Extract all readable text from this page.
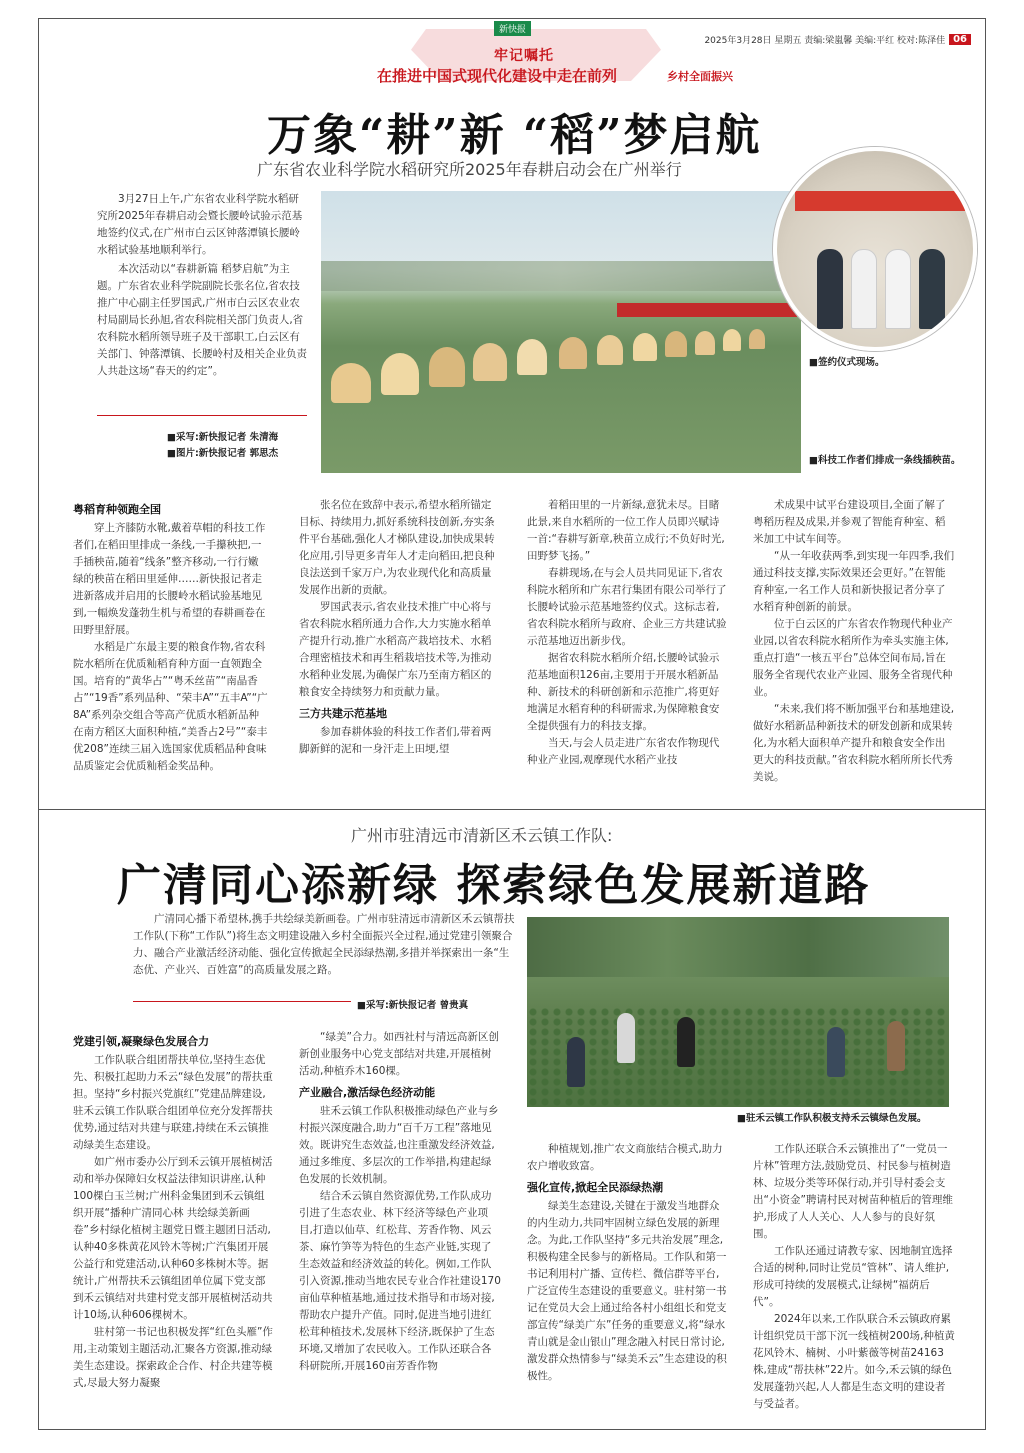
新快报
牢记嘱托
在推进中国式现代化建设中走在前列	乡村全面振兴
2025年3月28日 星期五 责编:梁嵐馨 美编:平红 校对:陈泽佳 06
万象“耕”新 “稻”梦启航
广东省农业科学院水稻研究所2025年春耕启动会在广州举行

3月27日上午,广东省农业科学院水稻研究所2025年春耕启动会暨长腰岭试验示范基地签约仪式,在广州市白云区钟落潭镇长腰岭水稻试验基地顺利举行。

本次活动以“春耕新篇 稻梦启航”为主题。广东省农业科学院副院长张名位,省农技推广中心副主任罗国武,广州市白云区农业农村局副局长孙旭,省农科院相关部门负责人,省农科院水稻所领导班子及干部职工,白云区有关部门、钟落潭镇、长腰岭村及相关企业负责人共赴这场“春天的约定”。

■采写:新快报记者 朱清海
■图片:新快报记者 郭思杰
■签约仪式现场。
■科技工作者们排成一条线插秧苗。
粤稻育种领跑全国

穿上齐膝防水靴,戴着草帽的科技工作者们,在稻田里排成一条线,一手攥秧把,一手插秧苗,随着“线条”整齐移动,一行行嫩绿的秧苗在稻田里延伸……新快报记者走进新落成并启用的长腰岭水稻试验基地见到,一幅焕发蓬勃生机与希望的春耕画卷在田野里舒展。

水稻是广东最主要的粮食作物,省农科院水稻所在优质籼稻育种方面一直领跑全国。培育的“黄华占”“粤禾丝苗”“南晶香占”“19香”系列品种、“荣丰A”“五丰A”“广8A”系列杂交组合等高产优质水稻新品种在南方稻区大面积种植,“美香占2号”“泰丰优208”连续三届入选国家优质稻品种食味品质鉴定会优质籼稻金奖品种。

张名位在致辞中表示,希望水稻所锚定目标、持续用力,抓好系统科技创新,夯实条件平台基础,强化人才梯队建设,加快成果转化应用,引导更多青年人才走向稻田,把良种良法送到千家万户,为农业现代化和高质量发展作出新的贡献。

罗国武表示,省农业技术推广中心将与省农科院水稻所通力合作,大力实施水稻单产提升行动,推广水稻高产栽培技术、水稻合理密植技术和再生稻栽培技术等,为推动水稻种业发展,为确保广东乃至南方稻区的粮食安全持续努力和贡献力量。

三方共建示范基地

参加春耕体验的科技工作者们,带着两脚新鲜的泥和一身汗走上田埂,望

着稻田里的一片新绿,意犹未尽。目睹此景,来自水稻所的一位工作人员即兴赋诗一首:“春耕写新章,秧苗立成行;不负好时光,田野梦飞扬。”

春耕现场,在与会人员共同见证下,省农科院水稻所和广东君行集团有限公司举行了长腰岭试验示范基地签约仪式。这标志着,省农科院水稻所与政府、企业三方共建试验示范基地迈出新步伐。

据省农科院水稻所介绍,长腰岭试验示范基地面积126亩,主要用于开展水稻新品种、新技术的科研创新和示范推广,将更好地满足水稻育种的科研需求,为保障粮食安全提供强有力的科技支撑。

当天,与会人员走进广东省农作物现代种业产业园,观摩现代水稻产业技

术成果中试平台建设项目,全面了解了粤稻历程及成果,并参观了智能育种室、稻米加工中试车间等。

“从一年收获两季,到实现一年四季,我们通过科技支撑,实际效果还会更好。”在智能育种室,一名工作人员和新快报记者分享了水稻育种创新的前景。

位于白云区的广东省农作物现代种业产业园,以省农科院水稻所作为牵头实施主体,重点打造“一核五平台”总体空间布局,旨在服务全省现代农业产业园、服务全省现代种业。

“未来,我们将不断加强平台和基地建设,做好水稻新品种新技术的研发创新和成果转化,为水稻大面积单产提升和粮食安全作出更大的科技贡献。”省农科院水稻所所长代秀美说。

广州市驻清远市清新区禾云镇工作队:
广清同心添新绿 探索绿色发展新道路
广清同心播下希望林,携手共绘绿美新画卷。广州市驻清远市清新区禾云镇帮扶工作队(下称“工作队”)将生态文明建设融入乡村全面振兴全过程,通过党建引领聚合力、融合产业激活经济动能、强化宣传掀起全民添绿热潮,多措并举探索出一条“生态优、产业兴、百姓富”的高质量发展之路。
■采写:新快报记者 曾贵真
■驻禾云镇工作队积极支持禾云镇绿色发展。
党建引领,凝聚绿色发展合力

工作队联合组团帮扶单位,坚持生态优先、积极扛起助力禾云“绿色发展”的帮扶重担。坚持“乡村振兴党旗红”党建品牌建设,驻禾云镇工作队联合组团单位充分发挥帮扶优势,通过结对共建与联建,持续在禾云镇推动绿美生态建设。

如广州市委办公厅到禾云镇开展植树活动和举办保障妇女权益法律知识讲座,认种100棵白玉兰树;广州科金集团到禾云镇组织开展“播种广清同心林 共绘绿美新画卷”乡村绿化植树主题党日暨主题团日活动,认种40多株黄花风铃木等树;广汽集团开展公益行和党建活动,认种60多株树木等。据统计,广州帮扶禾云镇组团单位属下党支部到禾云镇结对共建村党支部开展植树活动共计10场,认种606棵树木。

驻村第一书记也积极发挥“红色头雁”作用,主动策划主题活动,汇聚各方资源,推动绿美生态建设。探索政企合作、村企共建等模式,尽最大努力凝聚

“绿美”合力。如西社村与清远高新区创新创业服务中心党支部结对共建,开展植树活动,种植乔木160棵。

产业融合,激活绿色经济动能

驻禾云镇工作队积极推动绿色产业与乡村振兴深度融合,助力“百千万工程”落地见效。既讲究生态效益,也注重激发经济效益,通过多维度、多层次的工作举措,构建起绿色发展的长效机制。

结合禾云镇自然资源优势,工作队成功引进了生态农业、林下经济等绿色产业项目,打造以仙草、红松茸、芳香作物、风云茶、麻竹笋等为特色的生态产业链,实现了生态效益和经济效益的转化。例如,工作队引入资源,推动当地农民专业合作社建设170亩仙草种植基地,通过技术指导和市场对接,帮助农户提升产值。同时,促进当地引进红松茸种植技术,发展林下经济,既保护了生态环境,又增加了农民收入。工作队还联合各科研院所,开展160亩芳香作物

种植规划,推广农文商旅结合模式,助力农户增收致富。

强化宣传,掀起全民添绿热潮

绿美生态建设,关键在于激发当地群众的内生动力,共同牢固树立绿色发展的新理念。为此,工作队坚持“多元共治发展”理念,积极构建全民参与的新格局。工作队和第一书记利用村广播、宣传栏、微信群等平台,广泛宣传生态建设的重要意义。驻村第一书记在党员大会上通过给各村小组组长和党支部宣传“绿美广东”任务的重要意义,将“绿水青山就是金山银山”理念融入村民日常讨论,激发群众热情参与“绿美禾云”生态建设的积极性。

工作队还联合禾云镇推出了“一党员一片林”管理方法,鼓励党员、村民参与植树造林、垃圾分类等环保行动,并引导村委会支出“小资金”聘请村民对树苗种植后的管理维护,形成了人人关心、人人参与的良好氛围。

工作队还通过请教专家、因地制宜选择合适的树种,同时让党员“管林”、请人维护,形成可持续的发展模式,让绿树“福荫后代”。

2024年以来,工作队联合禾云镇政府累计组织党员干部下沉一线植树200场,种植黄花风铃木、楠树、小叶紫薇等树苗24163株,建成“帮扶林”22片。如今,禾云镇的绿色发展蓬勃兴起,人人都是生态文明的建设者与受益者。
